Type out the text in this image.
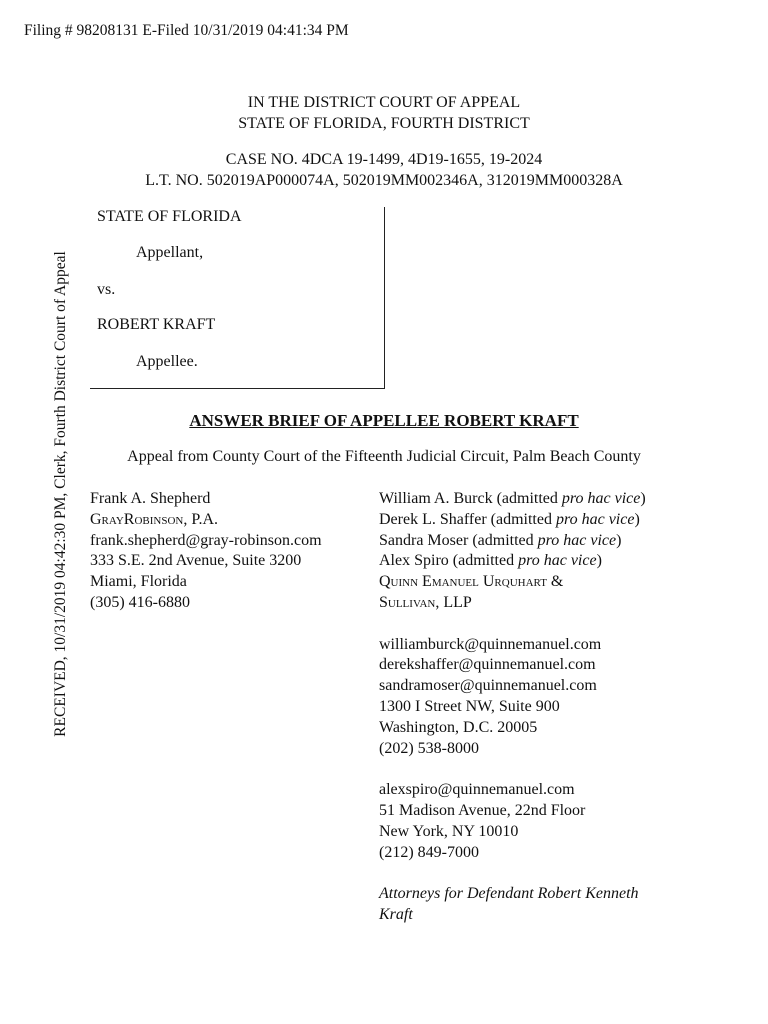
Filing # 98208131 E-Filed 10/31/2019 04:41:34 PM
RECEIVED, 10/31/2019 04:42:30 PM, Clerk, Fourth District Court of Appeal
IN THE DISTRICT COURT OF APPEAL
STATE OF FLORIDA, FOURTH DISTRICT
CASE NO. 4DCA 19-1499, 4D19-1655, 19-2024
L.T. NO. 502019AP000074A, 502019MM002346A, 312019MM000328A
STATE OF FLORIDA
Appellant,
vs.
ROBERT KRAFT
Appellee.
ANSWER BRIEF OF APPELLEE ROBERT KRAFT
Appeal from County Court of the Fifteenth Judicial Circuit, Palm Beach County
Frank A. Shepherd
GrayRobinson, P.A.
frank.shepherd@gray-robinson.com
333 S.E. 2nd Avenue, Suite 3200
Miami, Florida
(305) 416-6880
William A. Burck (admitted pro hac vice)
Derek L. Shaffer (admitted pro hac vice)
Sandra Moser (admitted pro hac vice)
Alex Spiro (admitted pro hac vice)
Quinn Emanuel Urquhart &
Sullivan, LLP
williamburck@quinnemanuel.com
derekshaffer@quinnemanuel.com
sandramoser@quinnemanuel.com
1300 I Street NW, Suite 900
Washington, D.C. 20005
(202) 538-8000
alexspiro@quinnemanuel.com
51 Madison Avenue, 22nd Floor
New York, NY 10010
(212) 849-7000
Attorneys for Defendant Robert Kenneth
Kraft
